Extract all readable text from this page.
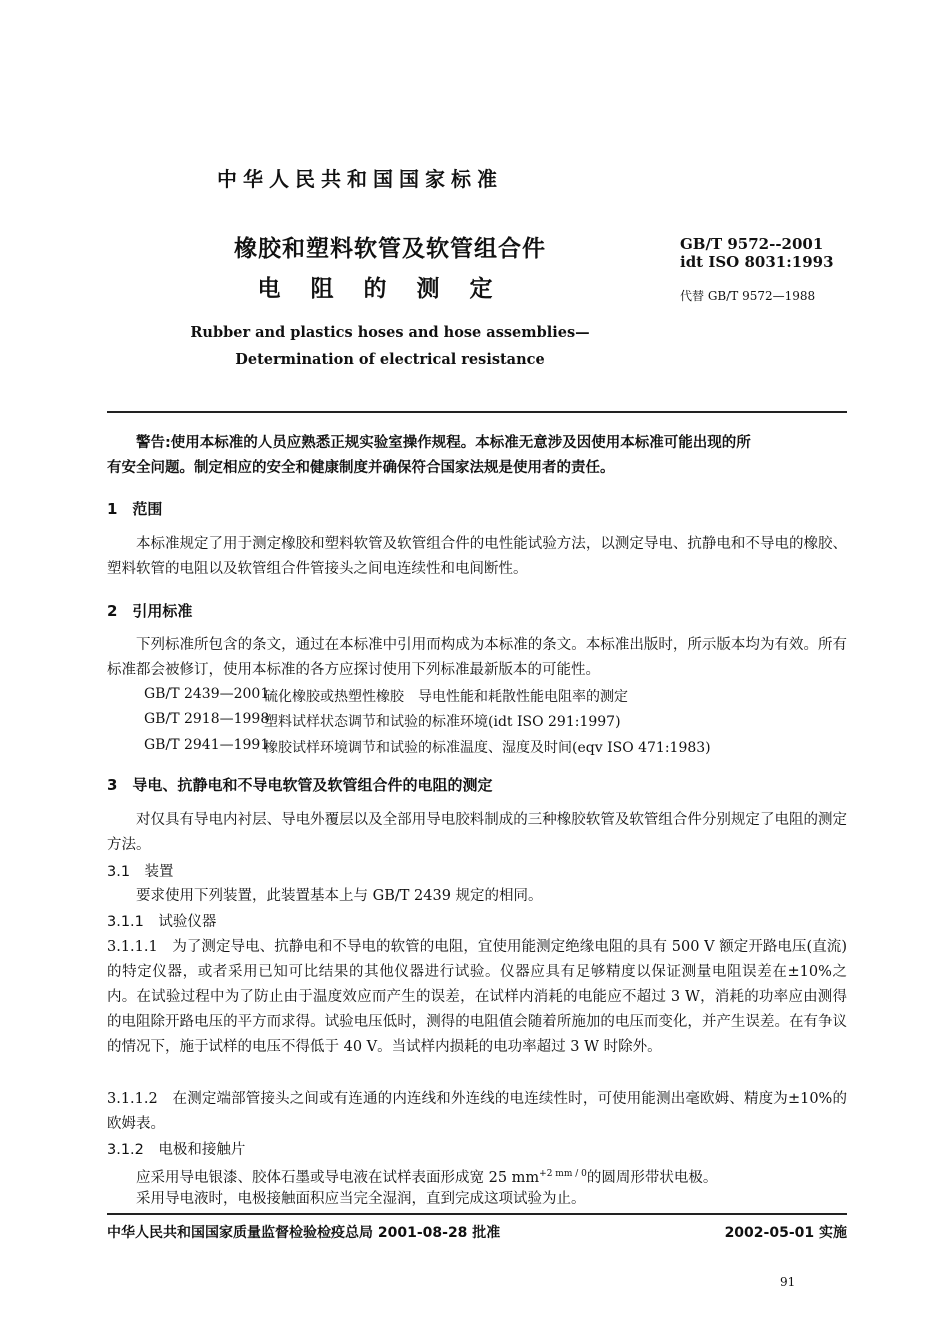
中华人民共和国国家标准
橡胶和塑料软管及软管组合件
电阻的测定
GB/T 9572--2001
idt ISO 8031:1993
代替 GB/T 9572—1988
Rubber and plastics hoses and hose assemblies—
Determination of electrical resistance
警告:使用本标准的人员应熟悉正规实验室操作规程。本标准无意涉及因使用本标准可能出现的所
有安全问题。制定相应的安全和健康制度并确保符合国家法规是使用者的责任。
1　范围
本标准规定了用于测定橡胶和塑料软管及软管组合件的电性能试验方法，以测定导电、抗静电和不导电的橡胶、塑料软管的电阻以及软管组合件管接头之间电连续性和电间断性。
2　引用标准
下列标准所包含的条文，通过在本标准中引用而构成为本标准的条文。本标准出版时，所示版本均为有效。所有标准都会被修订，使用本标准的各方应探讨使用下列标准最新版本的可能性。
GB/T 2439—2001
硫化橡胶或热塑性橡胶　导电性能和耗散性能电阻率的测定
GB/T 2918—1998
塑料试样状态调节和试验的标准环境(idt ISO 291:1997)
GB/T 2941—1991
橡胶试样环境调节和试验的标准温度、湿度及时间(eqv ISO 471:1983)
3　导电、抗静电和不导电软管及软管组合件的电阻的测定
对仅具有导电内衬层、导电外覆层以及全部用导电胶料制成的三种橡胶软管及软管组合件分别规定了电阻的测定方法。
3.1　装置
要求使用下列装置，此装置基本上与 GB/T 2439 规定的相同。
3.1.1　试验仪器
3.1.1.1　为了测定导电、抗静电和不导电的软管的电阻，宜使用能测定绝缘电阻的具有 500 V 额定开路电压(直流)的特定仪器，或者采用已知可比结果的其他仪器进行试验。仪器应具有足够精度以保证测量电阻误差在±10%之内。在试验过程中为了防止由于温度效应而产生的误差，在试样内消耗的电能应不超过 3 W，消耗的功率应由测得的电阻除开路电压的平方而求得。试验电压低时，测得的电阻值会随着所施加的电压而变化，并产生误差。在有争议的情况下，施于试样的电压不得低于 40 V。当试样内损耗的电功率超过 3 W 时除外。
3.1.1.2　在测定端部管接头之间或有连通的内连线和外连线的电连续性时，可使用能测出毫欧姆、精度为±10%的欧姆表。
3.1.2　电极和接触片
应采用导电银漆、胶体石墨或导电液在试样表面形成宽 25 $mm^{+2 mm / 0}$的圆周形带状电极。
采用导电液时，电极接触面积应当完全湿润，直到完成这项试验为止。
中华人民共和国国家质量监督检验检疫总局 2001-08-28 批准	2002-05-01 实施
91
